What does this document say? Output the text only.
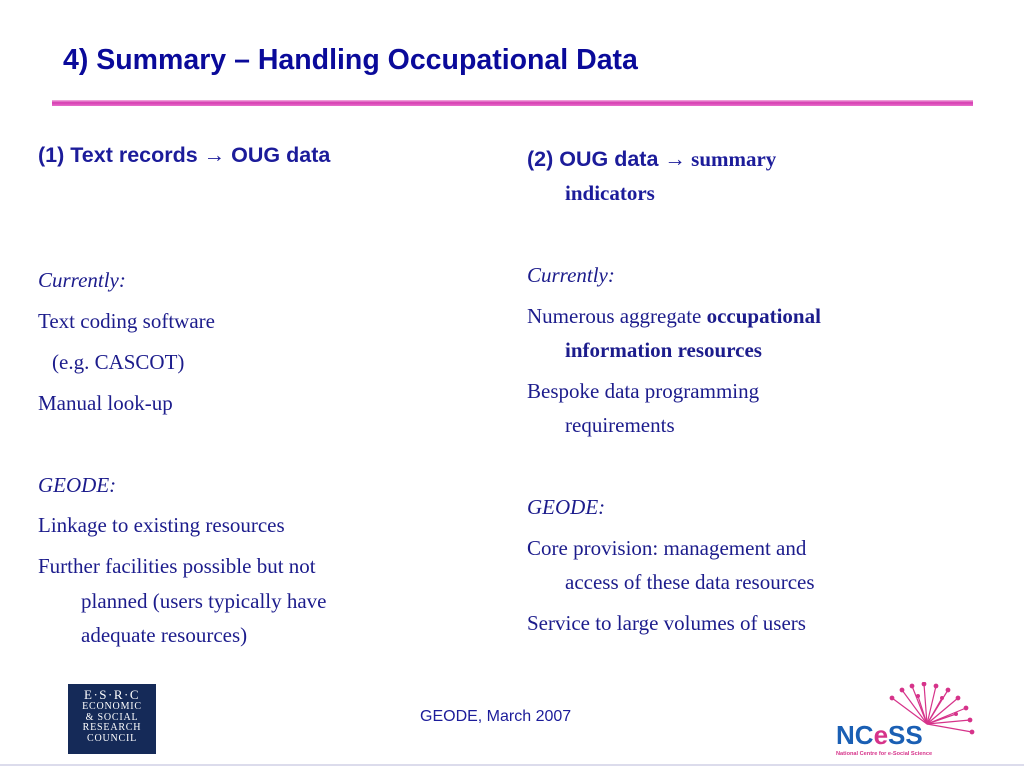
4) Summary – Handling Occupational Data
(1) Text records → OUG data
Currently:
Text coding software
(e.g. CASCOT)
Manual look-up
GEODE:
Linkage to existing resources
Further facilities possible but not
planned (users typically have
adequate resources)
(2) OUG data → summary
indicators
Currently:
Numerous aggregate occupational
information resources
Bespoke data programming
requirements
GEODE:
Core provision: management and
access of these data resources
Service to large volumes of users
E·S·R·C
ECONOMIC
& SOCIAL
RESEARCH
COUNCIL
GEODE, March 2007
NCeSS
National Centre for e-Social Science
